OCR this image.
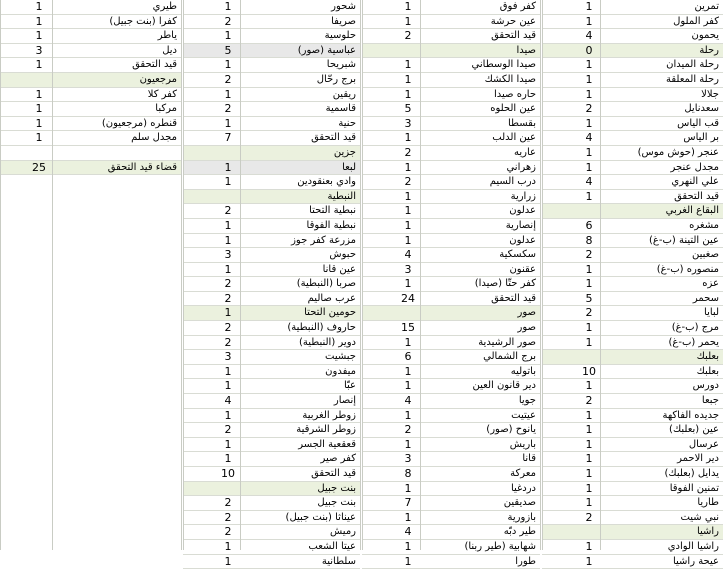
تمرين
1
كفر الملول
1
يحمون
4
رحلة
0
رحلة الميدان
1
رحلة المعلقة
1
جلالا
1
سعدنايل
2
قب الياس
1
بر الياس
4
عنجر (حوش موس)
1
مجدل عنجر
1
علي النهري
4
قيد التحقق
1
البقاع الغربي
مشغره
6
عين التينة (ب-غ)
8
صغبين
2
منصوره (ب-غ)
1
عزه
1
سحمر
5
لبايا
2
مرج (ب-غ)
1
يحمر (ب-غ)
1
بعلبك
بعلبك
10
دورس
1
جبعا
2
جديده الفاكهة
1
عين (بعلبك)
1
عرسال
1
دير الاحمر
1
يدايل (بعلبك)
1
تمنين الفوقا
1
طاريا
1
نبي شيت
2
راشيا
راشيا الوادي
1
عيحة راشيا
1
كفر فوق
1
عين حرشة
1
قيد التحقق
2
صيدا
صيدا الوسطاني
1
صيدا الكشك
1
حاره صيدا
1
عين الحلوه
5
بقسطا
3
عين الدلب
1
عاريه
2
زهراني
1
درب السيم
2
زرارية
1
عدلون
1
إنصارية
1
عدلون
1
سكسكية
4
عقنون
3
كفر حتّا (صيدا)
1
قيد التحقق
24
صور
صور
15
صور الرشيدية
1
برج الشمالي
6
باتوليه
1
دير قانون العين
1
جويا
4
عيتيت
1
يانوح (صور)
2
باريش
1
قانا
3
معركة
8
دردغيا
1
صديقين
7
بازورية
1
طير دبّه
4
شهابية (طير ربنا)
1
طورا
1
شحور
1
صريفا
2
حلوسية
1
عباسية (صور)
5
شبريحا
1
برج رحّال
2
ريقين
1
قاسمية
2
حنية
1
قيد التحقق
7
جزين
لبعا
1
وادي بعنقودين
1
النبطية
نبطية التحتا
2
نبطية الفوقا
1
مزرعة كفر جوز
1
حبوش
3
عين قانا
1
صربا (النبطية)
2
عرب صاليم
2
حومين التحتا
1
حاروف (النبطية)
2
دوير (النبطية)
2
جبشيت
3
ميفدون
1
عبّا
1
إنصار
4
زوطر الغربية
1
زوطر الشرقية
2
قعقعية الجسر
1
كفر صير
1
قيد التحقق
10
بنت جبيل
بنت جبيل
2
عيناثا (بنت جبيل)
2
رميش
2
عيتا الشعب
1
سلطانية
1
طيري
1
كفرا (بنت جبيل)
1
ياطر
1
ديل
3
قيد التحقق
1
مرجعيون
كفر كلا
1
مركبا
1
قنطره (مرجعيون)
1
مجدل سلم
1
قضاء قيد التحقق
25
